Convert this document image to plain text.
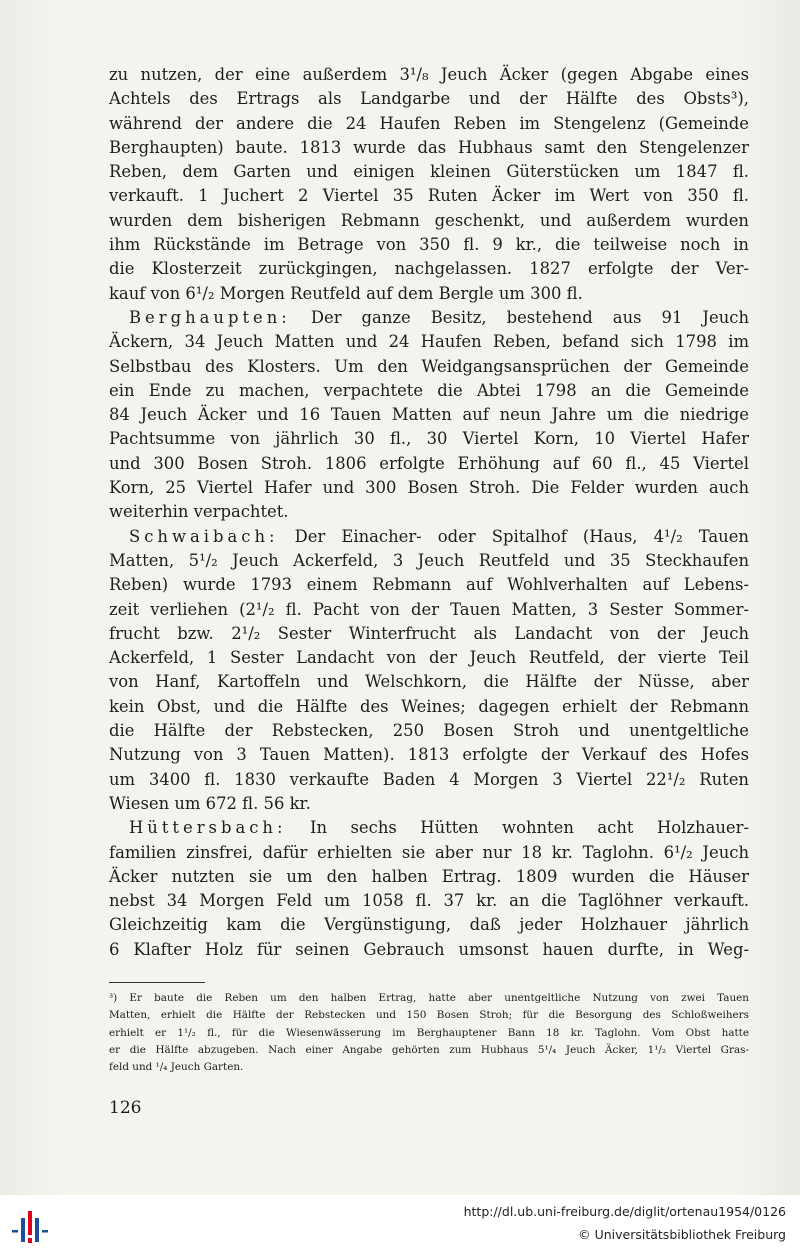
zu nutzen, der eine außerdem 3¹/₈ Jeuch Äcker (gegen Abgabe eines

Achtels des Ertrags als Landgarbe und der Hälfte des Obsts³),

während der andere die 24 Haufen Reben im Stengelenz (Gemeinde

Berghaupten) baute. 1813 wurde das Hubhaus samt den Stengelenzer

Reben, dem Garten und einigen kleinen Güterstücken um 1847 fl.

verkauft. 1 Juchert 2 Viertel 35 Ruten Äcker im Wert von 350 fl.

wurden dem bisherigen Rebmann geschenkt, und außerdem wurden

ihm Rückstände im Betrage von 350 fl. 9 kr., die teilweise noch in

die Klosterzeit zurückgingen, nachgelassen. 1827 erfolgte der Ver-

kauf von 6¹/₂ Morgen Reutfeld auf dem Bergle um 300 fl.

Berghaupten: Der ganze Besitz, bestehend aus 91 Jeuch

Äckern, 34 Jeuch Matten und 24 Haufen Reben, befand sich 1798 im

Selbstbau des Klosters. Um den Weidgangsansprüchen der Gemeinde

ein Ende zu machen, verpachtete die Abtei 1798 an die Gemeinde

84 Jeuch Äcker und 16 Tauen Matten auf neun Jahre um die niedrige

Pachtsumme von jährlich 30 fl., 30 Viertel Korn, 10 Viertel Hafer

und 300 Bosen Stroh. 1806 erfolgte Erhöhung auf 60 fl., 45 Viertel

Korn, 25 Viertel Hafer und 300 Bosen Stroh. Die Felder wurden auch

weiterhin verpachtet.

Schwaibach: Der Einacher- oder Spitalhof (Haus, 4¹/₂ Tauen

Matten, 5¹/₂ Jeuch Ackerfeld, 3 Jeuch Reutfeld und 35 Steckhaufen

Reben) wurde 1793 einem Rebmann auf Wohlverhalten auf Lebens-

zeit verliehen (2¹/₂ fl. Pacht von der Tauen Matten, 3 Sester Sommer-

frucht bzw. 2¹/₂ Sester Winterfrucht als Landacht von der Jeuch

Ackerfeld, 1 Sester Landacht von der Jeuch Reutfeld, der vierte Teil

von Hanf, Kartoffeln und Welschkorn, die Hälfte der Nüsse, aber

kein Obst, und die Hälfte des Weines; dagegen erhielt der Rebmann

die Hälfte der Rebstecken, 250 Bosen Stroh und unentgeltliche

Nutzung von 3 Tauen Matten). 1813 erfolgte der Verkauf des Hofes

um 3400 fl. 1830 verkaufte Baden 4 Morgen 3 Viertel 22¹/₂ Ruten

Wiesen um 672 fl. 56 kr.

Hüttersbach: In sechs Hütten wohnten acht Holzhauer-

familien zinsfrei, dafür erhielten sie aber nur 18 kr. Taglohn. 6¹/₂ Jeuch

Äcker nutzten sie um den halben Ertrag. 1809 wurden die Häuser

nebst 34 Morgen Feld um 1058 fl. 37 kr. an die Taglöhner verkauft.

Gleichzeitig kam die Vergünstigung, daß jeder Holzhauer jährlich

6 Klafter Holz für seinen Gebrauch umsonst hauen durfte, in Weg-

³) Er baute die Reben um den halben Ertrag, hatte aber unentgeltliche Nutzung von zwei Tauen

Matten, erhielt die Hälfte der Rebstecken und 150 Bosen Stroh; für die Besorgung des Schloßweihers

erhielt er 1¹/₂ fl., für die Wiesenwässerung im Berghauptener Bann 18 kr. Taglohn. Vom Obst hatte

er die Hälfte abzugeben. Nach einer Angabe gehörten zum Hubhaus 5¹/₄ Jeuch Äcker, 1¹/₂ Viertel Gras-

feld und ¹/₄ Jeuch Garten.

126
http://dl.ub.uni-freiburg.de/diglit/ortenau1954/0126
© Universitätsbibliothek Freiburg
